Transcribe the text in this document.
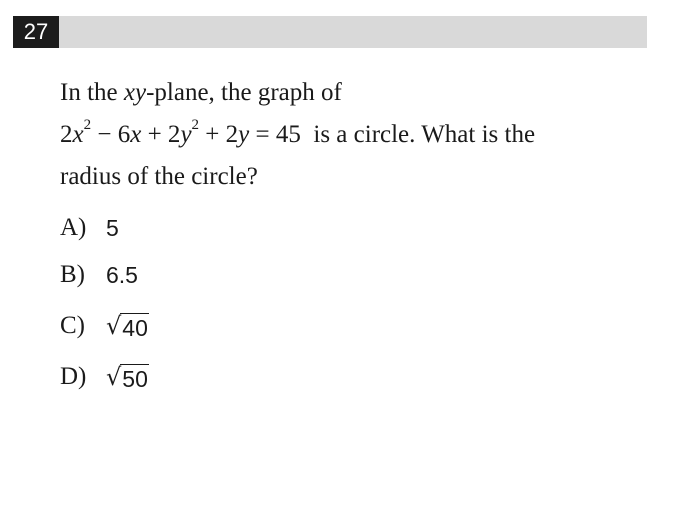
27
In the xy-plane, the graph of
$2x^2 - 6x + 2y^2 + 2y = 45$ is a circle. What is the
radius of the circle?
A) 5
B) 6.5
C) √ 40
D) √ 50
